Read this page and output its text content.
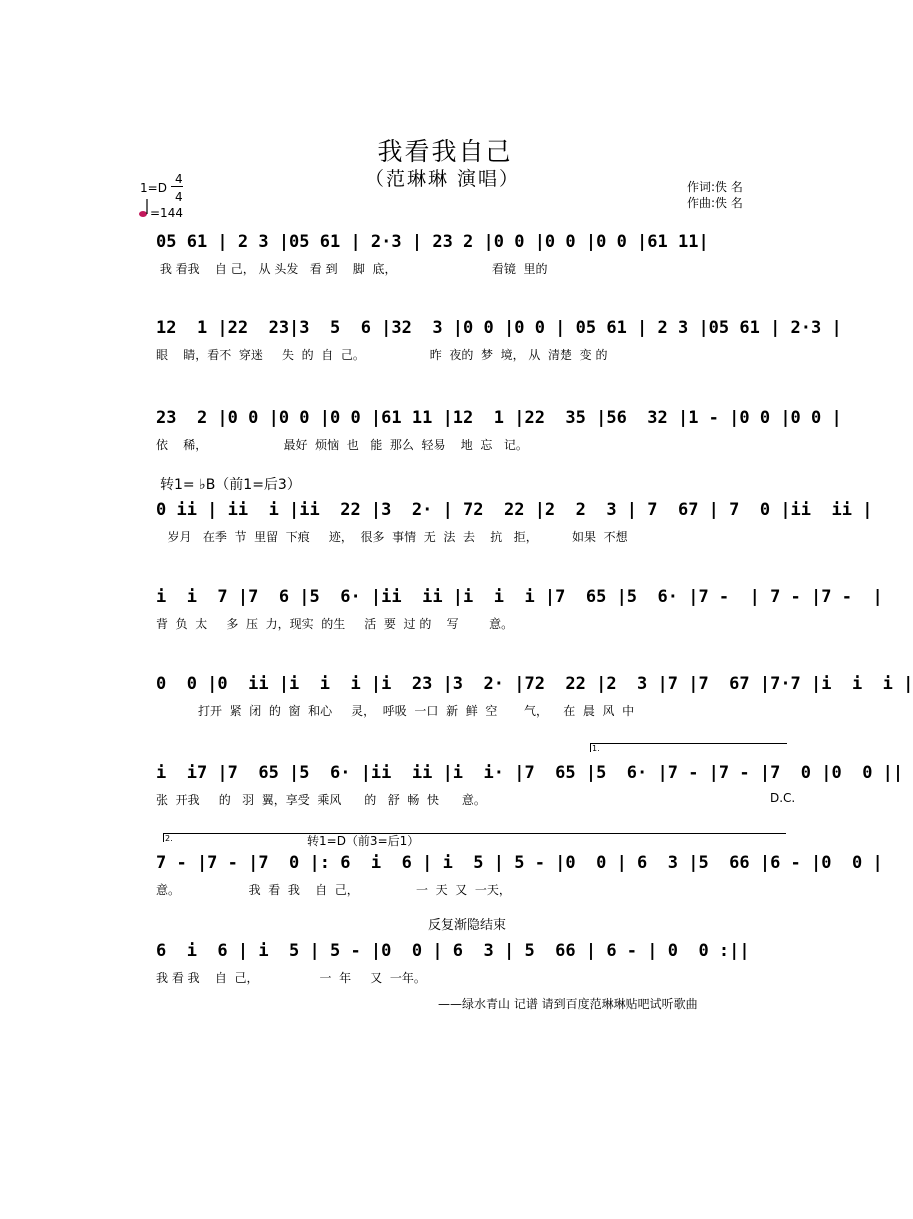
我看我自己
（范琳琳 演唱）
1=D
4
4
=144
作词:佚 名
作曲:佚 名
05 61 | 2 3 |05 61 | 2·3 | 23 2 |0 0 |0 0 |0 0 |61 11|
我 看我    自 己， 从 头发   看 到    脚  底，                         看镜  里的
12  1 |22  23|3  5  6 |32  3 |0 0 |0 0 | 05 61 | 2 3 |05 61 | 2·3 |
眼    睛，看不  穿迷     失  的  自  己。                 昨  夜的  梦  境， 从  清楚  变 的
23  2 |0 0 |0 0 |0 0 |61 11 |12  1 |22  35 |56  32 |1 - |0 0 |0 0 |
依    稀，                    最好  烦恼  也   能  那么  轻易    地  忘   记。
转1= ♭B（前1=后3）
0 ii | ii  i |ii  22 |3  2· | 72  22 |2  2  3 | 7  67 | 7  0 |ii  ii |
岁月   在季  节  里留  下痕     迹，  很多  事情  无  法  去    抗   拒，         如果  不想
i  i  7 |7  6 |5  6· |ii  ii |i  i  i |7  65 |5  6· |7 -  | 7 - |7 -  |
背  负  太     多  压  力，现实  的生     活  要  过 的    写        意。
0  0 |0  ii |i  i  i |i  23 |3  2· |72  22 |2  3 |7 |7  67 |7·7 |i  i  i |
打开  紧  闭  的  窗  和心     灵，  呼吸  一口  新  鲜  空       气，    在  晨  风  中
1.
i  i7 |7  65 |5  6· |ii  ii |i  i· |7  65 |5  6· |7 - |7 - |7  0 |0  0 ||
张  开我     的   羽  翼，享受  乘风      的   舒  畅  快      意。	D.C.
2.	转1=D（前3=后1）
7 - |7 - |7  0 |: 6  i  6 | i  5 | 5 - |0  0 | 6  3 |5  66 |6 - |0  0 |
意。                  我  看  我    自  己，               一  天  又  一天，
反复渐隐结束
6  i  6 | i  5 | 5 - |0  0 | 6  3 | 5  66 | 6 - | 0  0 :||
我 看 我    自  己，                一  年     又  一年。
——绿水青山 记谱 请到百度范琳琳贴吧试听歌曲
